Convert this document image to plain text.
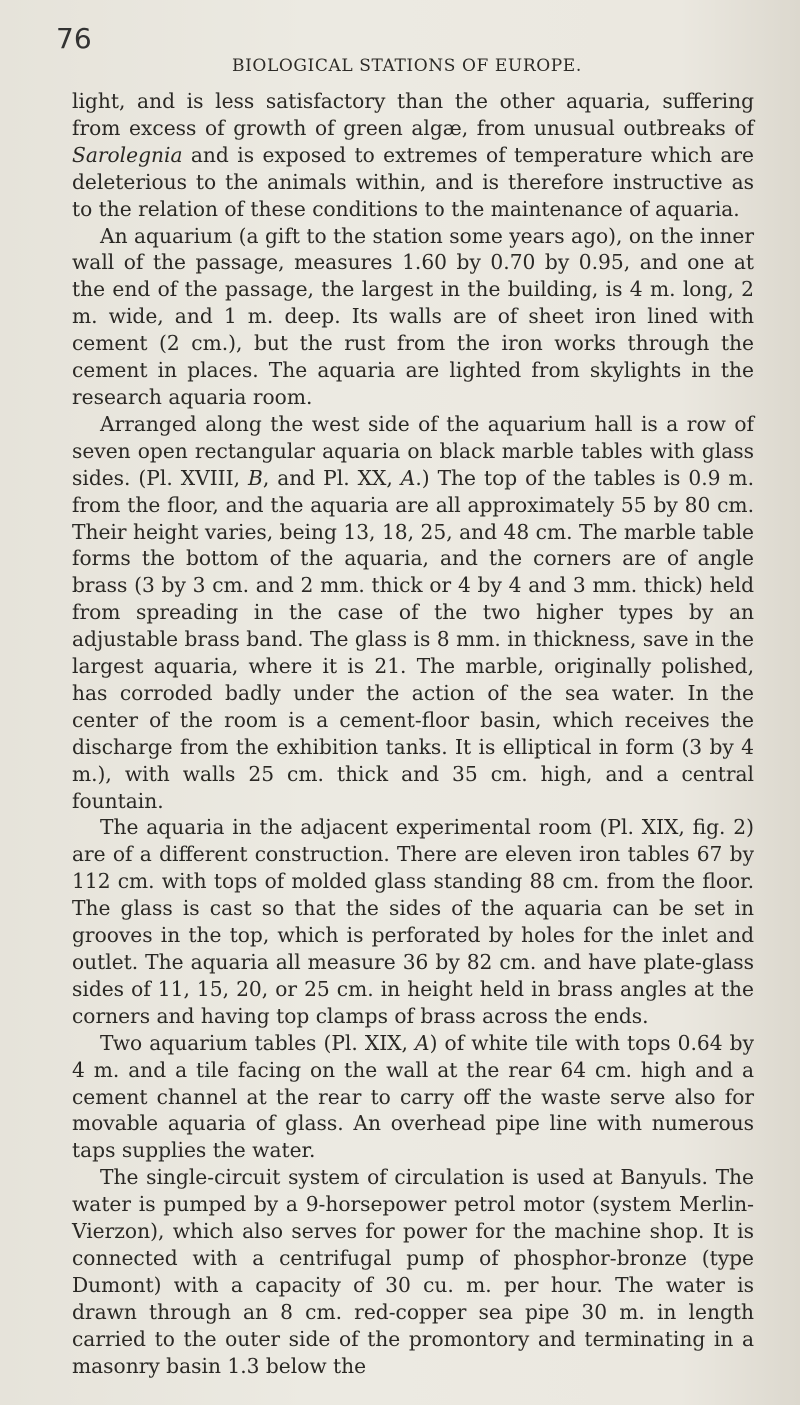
76
BIOLOGICAL STATIONS OF EUROPE.

light, and is less satisfactory than the other aquaria, suffering from excess of growth of green algæ, from unusual outbreaks of Sarolegnia and is exposed to extremes of temperature which are deleterious to the animals within, and is therefore instructive as to the relation of these conditions to the maintenance of aquaria.

An aquarium (a gift to the station some years ago), on the inner wall of the passage, measures 1.60 by 0.70 by 0.95, and one at the end of the passage, the largest in the building, is 4 m. long, 2 m. wide, and 1 m. deep. Its walls are of sheet iron lined with cement (2 cm.), but the rust from the iron works through the cement in places. The aquaria are lighted from skylights in the research aquaria room.

Arranged along the west side of the aquarium hall is a row of seven open rectangular aquaria on black marble tables with glass sides. (Pl. XVIII, B, and Pl. XX, A.) The top of the tables is 0.9 m. from the floor, and the aquaria are all approximately 55 by 80 cm. Their height varies, being 13, 18, 25, and 48 cm. The marble table forms the bottom of the aquaria, and the corners are of angle brass (3 by 3 cm. and 2 mm. thick or 4 by 4 and 3 mm. thick) held from spreading in the case of the two higher types by an adjustable brass band. The glass is 8 mm. in thickness, save in the largest aquaria, where it is 21. The marble, originally polished, has corroded badly under the action of the sea water. In the center of the room is a cement-floor basin, which receives the discharge from the exhibition tanks. It is elliptical in form (3 by 4 m.), with walls 25 cm. thick and 35 cm. high, and a central fountain.

The aquaria in the adjacent experimental room (Pl. XIX, fig. 2) are of a different construction. There are eleven iron tables 67 by 112 cm. with tops of molded glass standing 88 cm. from the floor. The glass is cast so that the sides of the aquaria can be set in grooves in the top, which is perforated by holes for the inlet and outlet. The aquaria all measure 36 by 82 cm. and have plate-glass sides of 11, 15, 20, or 25 cm. in height held in brass angles at the corners and having top clamps of brass across the ends.

Two aquarium tables (Pl. XIX, A) of white tile with tops 0.64 by 4 m. and a tile facing on the wall at the rear 64 cm. high and a cement channel at the rear to carry off the waste serve also for movable aquaria of glass. An overhead pipe line with numerous taps supplies the water.

The single-circuit system of circulation is used at Banyuls. The water is pumped by a 9-horsepower petrol motor (system Merlin-Vierzon), which also serves for power for the machine shop. It is connected with a centrifugal pump of phosphor-bronze (type Dumont) with a capacity of 30 cu. m. per hour. The water is drawn through an 8 cm. red-copper sea pipe 30 m. in length carried to the outer side of the promontory and terminating in a masonry basin 1.3 below the
